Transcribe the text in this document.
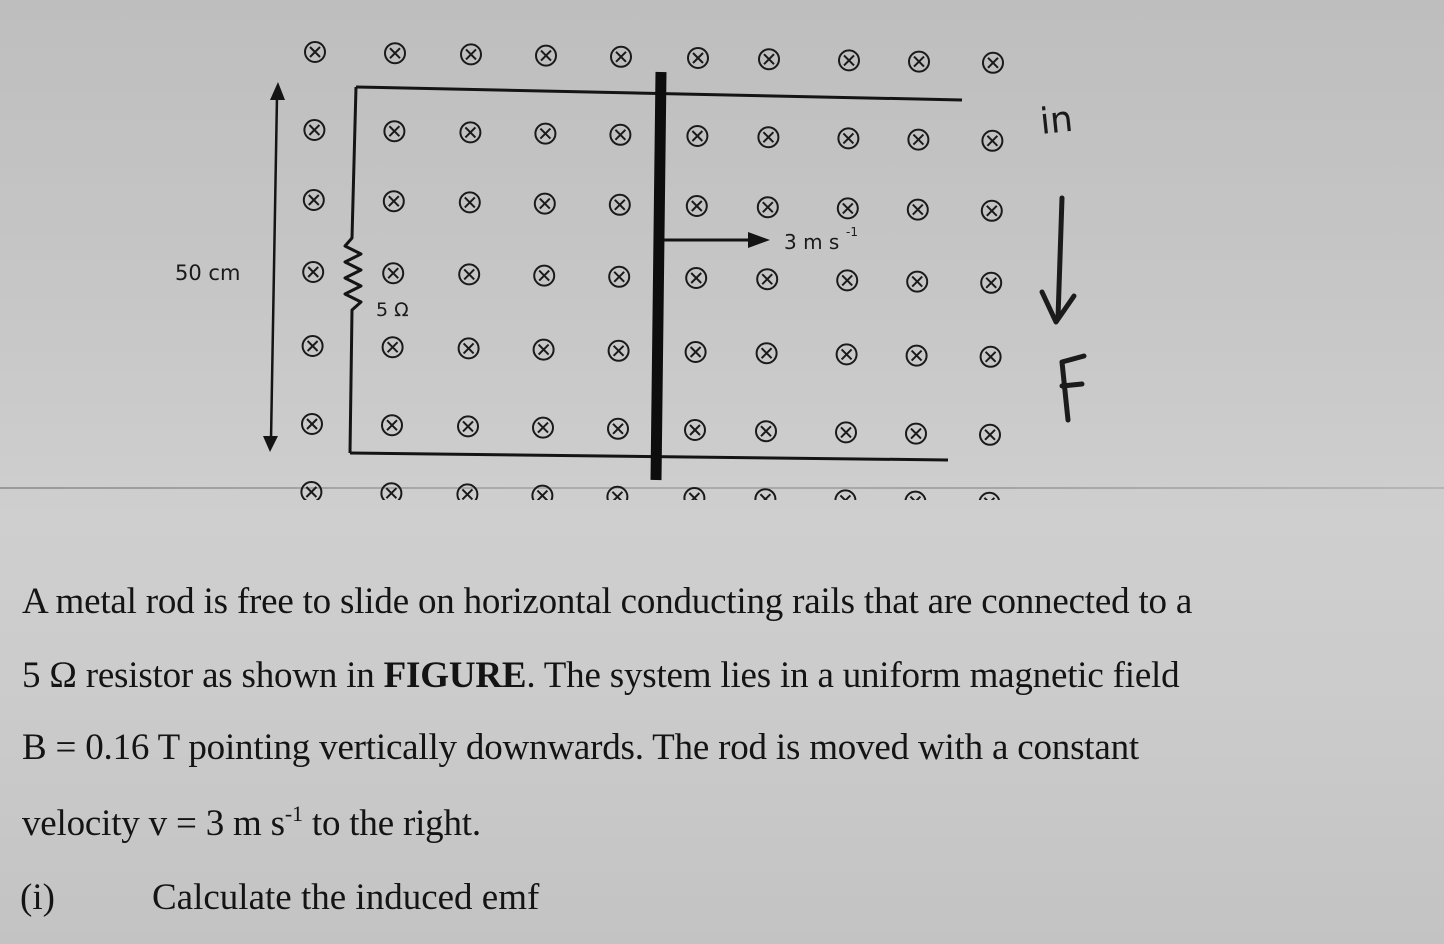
3 m s -1
50 cm
5 Ω
in
F
A metal rod is free to slide on horizontal conducting rails that are connected to a
5 Ω resistor as shown in FIGURE. The system lies in a uniform magnetic field
B = 0.16 T pointing vertically downwards. The rod is moved with a constant
velocity v = 3 m $s^{-1}$ to the right.
(i)	Calculate the induced emf
